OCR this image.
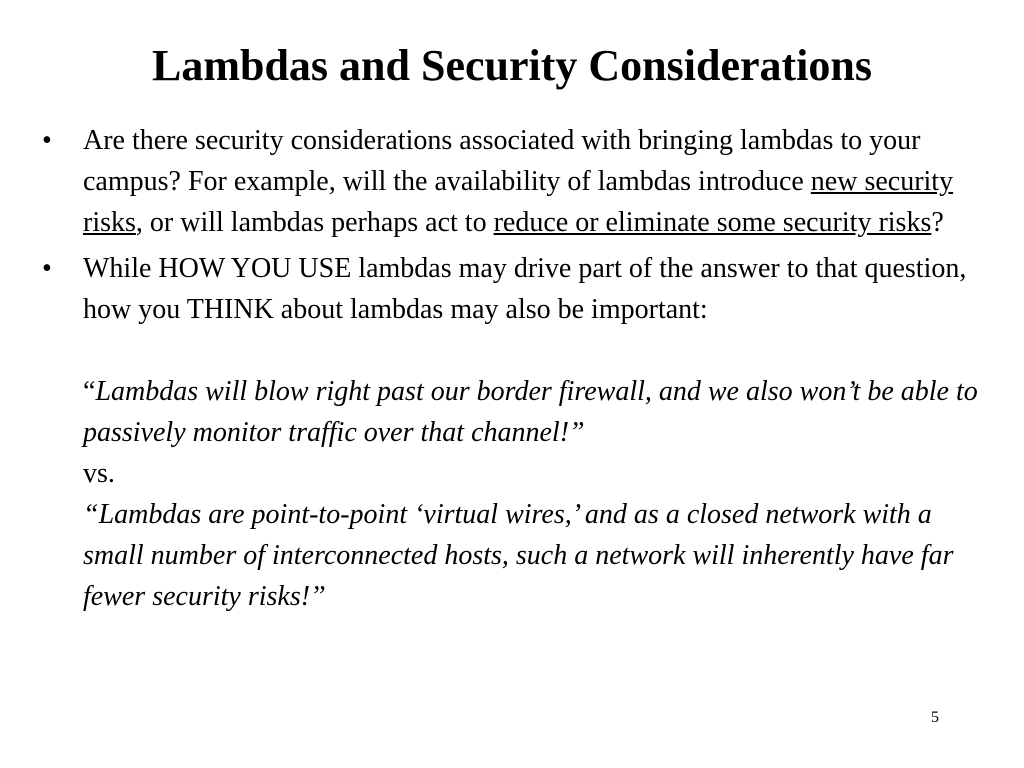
Lambdas and Security Considerations
• Are there security considerations associated with bringing lambdas to your campus? For example, will the availability of lambdas introduce new security risks, or will lambdas perhaps act to reduce or eliminate some security risks?
• While HOW YOU USE lambdas may drive part of the answer to that question, how you THINK about lambdas may also be important:
“Lambdas will blow right past our border firewall, and we also won’t be able to passively monitor traffic over that channel!”
vs.
“Lambdas are point-to-point ‘virtual wires,’ and as a closed network with a small number of interconnected hosts, such a network will inherently have far fewer security risks!”
5
